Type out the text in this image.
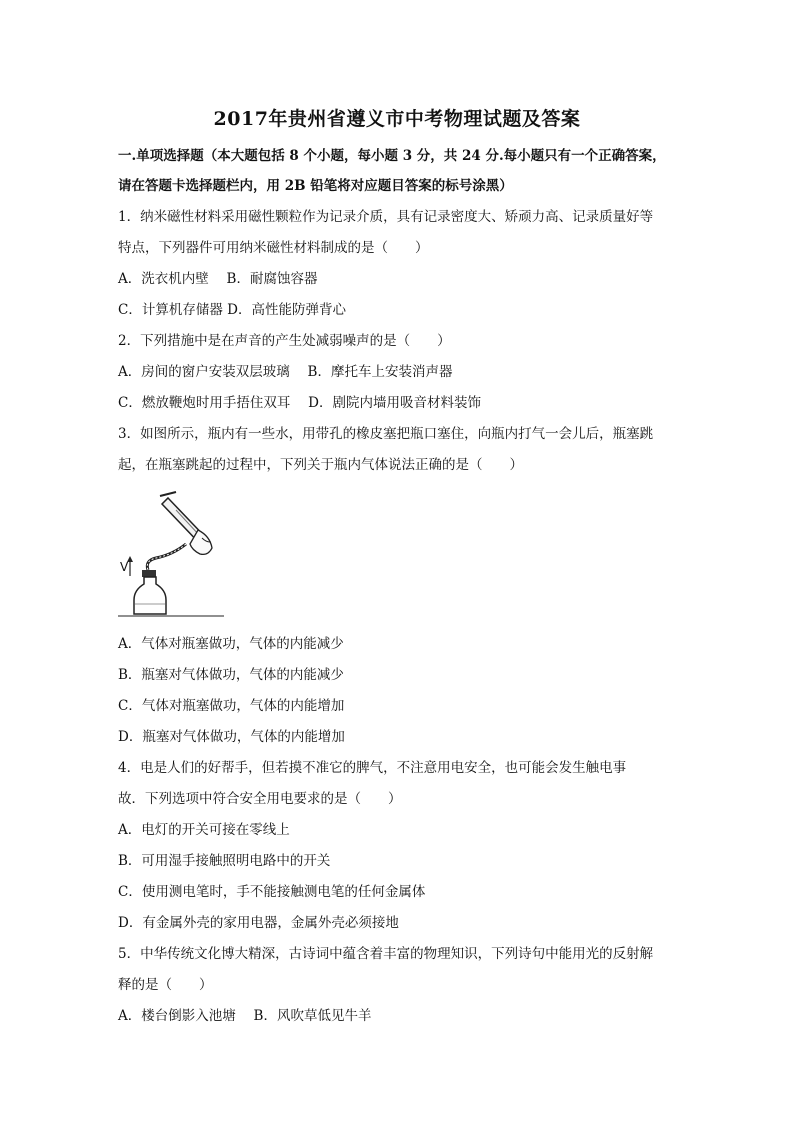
2017年贵州省遵义市中考物理试题及答案
一.单项选择题（本大题包括 8 个小题，每小题 3 分，共 24 分.每小题只有一个正确答案，
请在答题卡选择题栏内，用 2B 铅笔将对应题目答案的标号涂黑）
1．纳米磁性材料采用磁性颗粒作为记录介质，具有记录密度大、矫顽力高、记录质量好等
特点，下列器件可用纳米磁性材料制成的是（　　）
A．洗衣机内壁　 B．耐腐蚀容器
C．计算机存储器 D．高性能防弹背心
2．下列措施中是在声音的产生处减弱噪声的是（　　）
A．房间的窗户安装双层玻璃　 B．摩托车上安装消声器
C．燃放鞭炮时用手捂住双耳　 D．剧院内墙用吸音材料装饰
3．如图所示，瓶内有一些水，用带孔的橡皮塞把瓶口塞住，向瓶内打气一会儿后，瓶塞跳
起，在瓶塞跳起的过程中，下列关于瓶内气体说法正确的是（　　）
V
A．气体对瓶塞做功，气体的内能减少
B．瓶塞对气体做功，气体的内能减少
C．气体对瓶塞做功，气体的内能增加
D．瓶塞对气体做功，气体的内能增加
4．电是人们的好帮手，但若摸不准它的脾气，不注意用电安全，也可能会发生触电事
故．下列选项中符合安全用电要求的是（　　）
A．电灯的开关可接在零线上
B．可用湿手接触照明电路中的开关
C．使用测电笔时，手不能接触测电笔的任何金属体
D．有金属外壳的家用电器，金属外壳必须接地
5．中华传统文化博大精深，古诗词中蕴含着丰富的物理知识，下列诗句中能用光的反射解
释的是（　　）
A．楼台倒影入池塘　 B．风吹草低见牛羊
